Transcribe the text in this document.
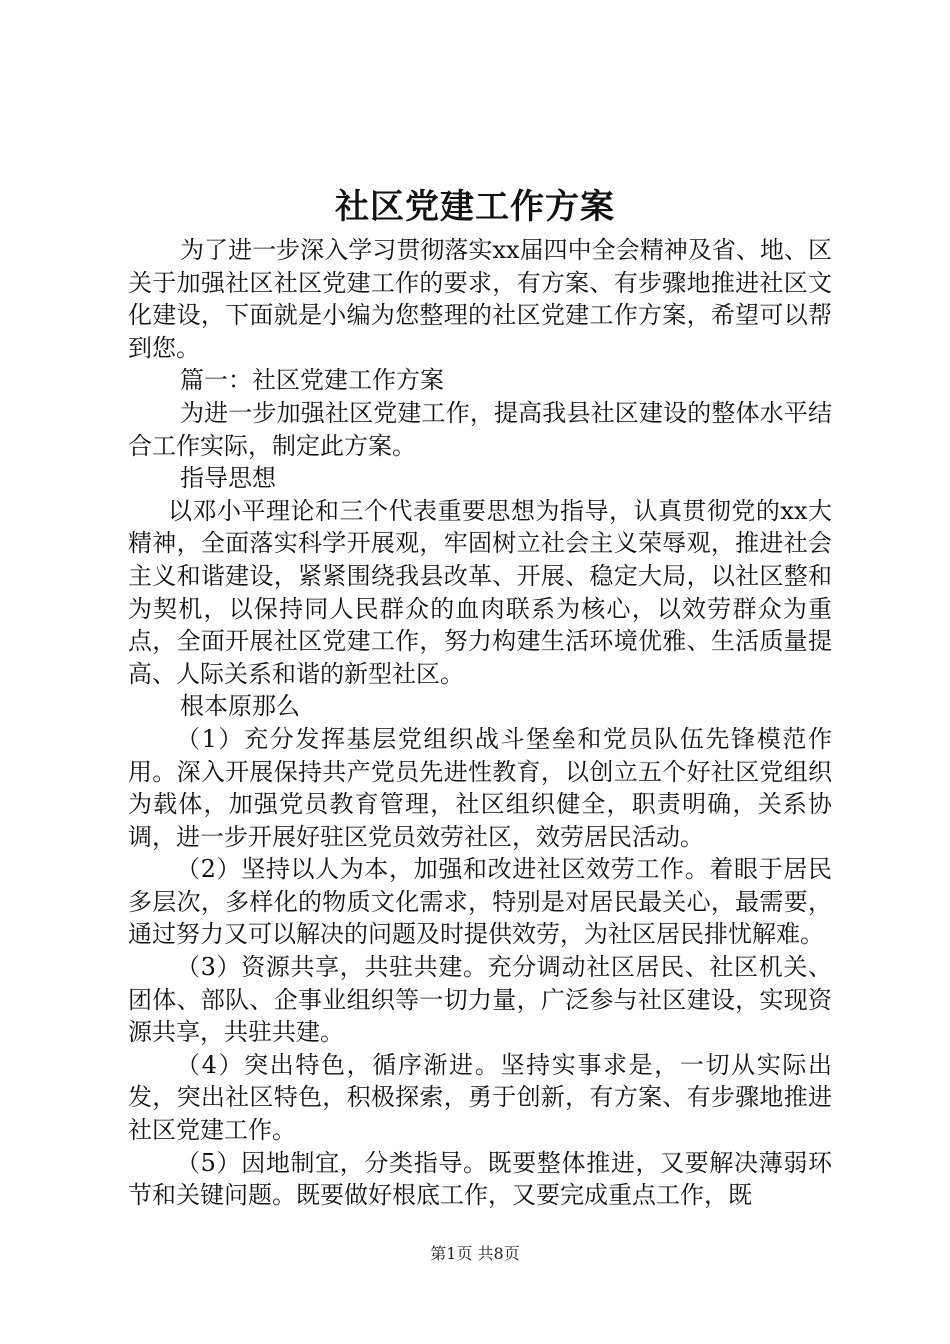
社区党建工作方案

为了进一步深入学习贯彻落实xx届四中全会精神及省、地、区关于加强社区社区党建工作的要求，有方案、有步骤地推进社区文化建设，下面就是小编为您整理的社区党建工作方案，希望可以帮到您。

篇一：社区党建工作方案

为进一步加强社区党建工作，提高我县社区建设的整体水平结合工作实际，制定此方案。

指导思想

以邓小平理论和三个代表重要思想为指导，认真贯彻党的xx大精神，全面落实科学开展观，牢固树立社会主义荣辱观，推进社会主义和谐建设，紧紧围绕我县改革、开展、稳定大局，以社区整和为契机，以保持同人民群众的血肉联系为核心，以效劳群众为重点，全面开展社区党建工作，努力构建生活环境优雅、生活质量提高、人际关系和谐的新型社区。

根本原那么

（1）充分发挥基层党组织战斗堡垒和党员队伍先锋模范作用。深入开展保持共产党员先进性教育，以创立五个好社区党组织为载体，加强党员教育管理，社区组织健全，职责明确，关系协调，进一步开展好驻区党员效劳社区，效劳居民活动。

（2）坚持以人为本，加强和改进社区效劳工作。着眼于居民多层次，多样化的物质文化需求，特别是对居民最关心，最需要，通过努力又可以解决的问题及时提供效劳，为社区居民排忧解难。

（3）资源共享，共驻共建。充分调动社区居民、社区机关、团体、部队、企事业组织等一切力量，广泛参与社区建设，实现资源共享，共驻共建。

（4）突出特色，循序渐进。坚持实事求是，一切从实际出发，突出社区特色，积极探索，勇于创新，有方案、有步骤地推进社区党建工作。

（5）因地制宜，分类指导。既要整体推进，又要解决薄弱环节和关键问题。既要做好根底工作，又要完成重点工作，既

第1页 共8页
